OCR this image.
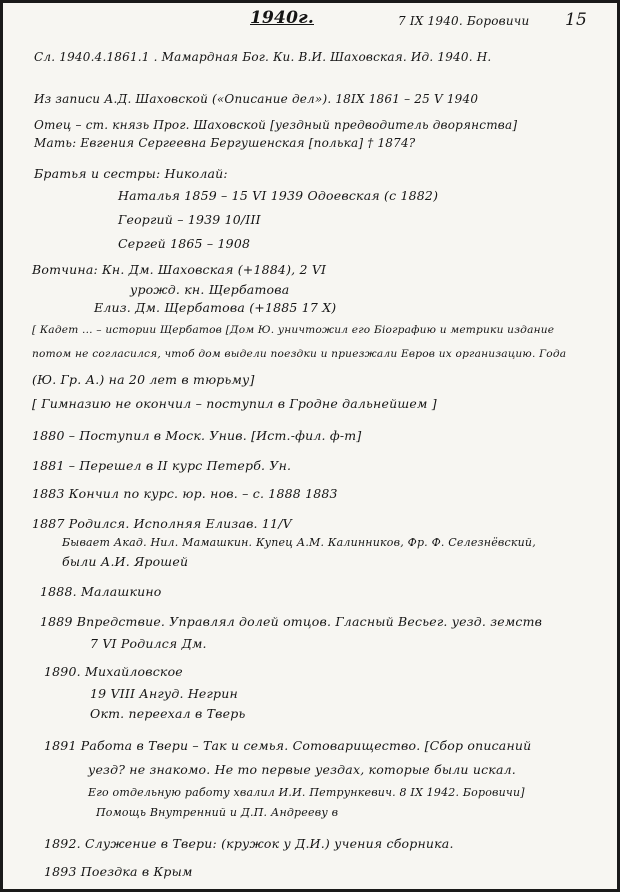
1940г.	7 IX 1940. Боровичи 15
Сл. 1940.4.1861.1 . Мамардная Бог. Ки. В.И. Шаховская. Ид. 1940. Н.
Из записи А.Д. Шаховской («Описание дел»). 18IX 1861 – 25 V 1940
Отец – ст. князь Прог. Шаховской [уездный предводитель дворянства]
Мать: Евгения Сергеевна Бергушенская [полька] † 1874?
Братья и сестры: Николай:
Наталья 1859 – 15 VI 1939 Одоевская (с 1882)
Георгий – 1939 10/III
Сергей 1865 – 1908
Вотчина: Кн. Дм. Шаховская (+1884), 2 VI
урожд. кн. Щербатова
Елиз. Дм. Щербатова (+1885 17 Х)
[ Кадет ... – истории Щербатов [Дом Ю. уничтожил его Біографию и метрики издание
потом не согласился, чтоб дом выдели поездки и приезжали Евров их организацию. Года
(Ю. Гр. А.) на 20 лет в тюрьму]
[ Гимназию не окончил – поступил в Гродне дальнейшем ]
1880 – Поступил в Моск. Унив. [Ист.-фил. ф-т]
1881 – Перешел в II курс Петерб. Ун.
1883 Кончил по курс. юр. нов. – с. 1888 1883
1887 Родился. Исполняя Елизав. 11/V
Бывает Акад. Нил. Мамашкин. Купец А.М. Калинников, Фр. Ф. Селезнёвский,
были А.И. Ярошей
1888. Малашкино
1889 Впредствие. Управлял долей отцов. Гласный Весьег. уезд. земств
7 VI Родился Дм.
1890. Михайловское
19 VIII Ангуд. Негрин
Окт. переехал в Тверь
1891 Работа в Твери – Так и семья. Сотоварищество. [Сбор описаний
уезд? не знакомо. Не то первые уездах, которые были искал.
Его отдельную работу хвалил И.И. Петрункевич. 8 IX 1942. Боровичи]
Помощь Внутренний и Д.П. Андрееву в
1892. Служение в Твери: (кружок у Д.И.) учения сборника.
1893 Поездка в Крым
